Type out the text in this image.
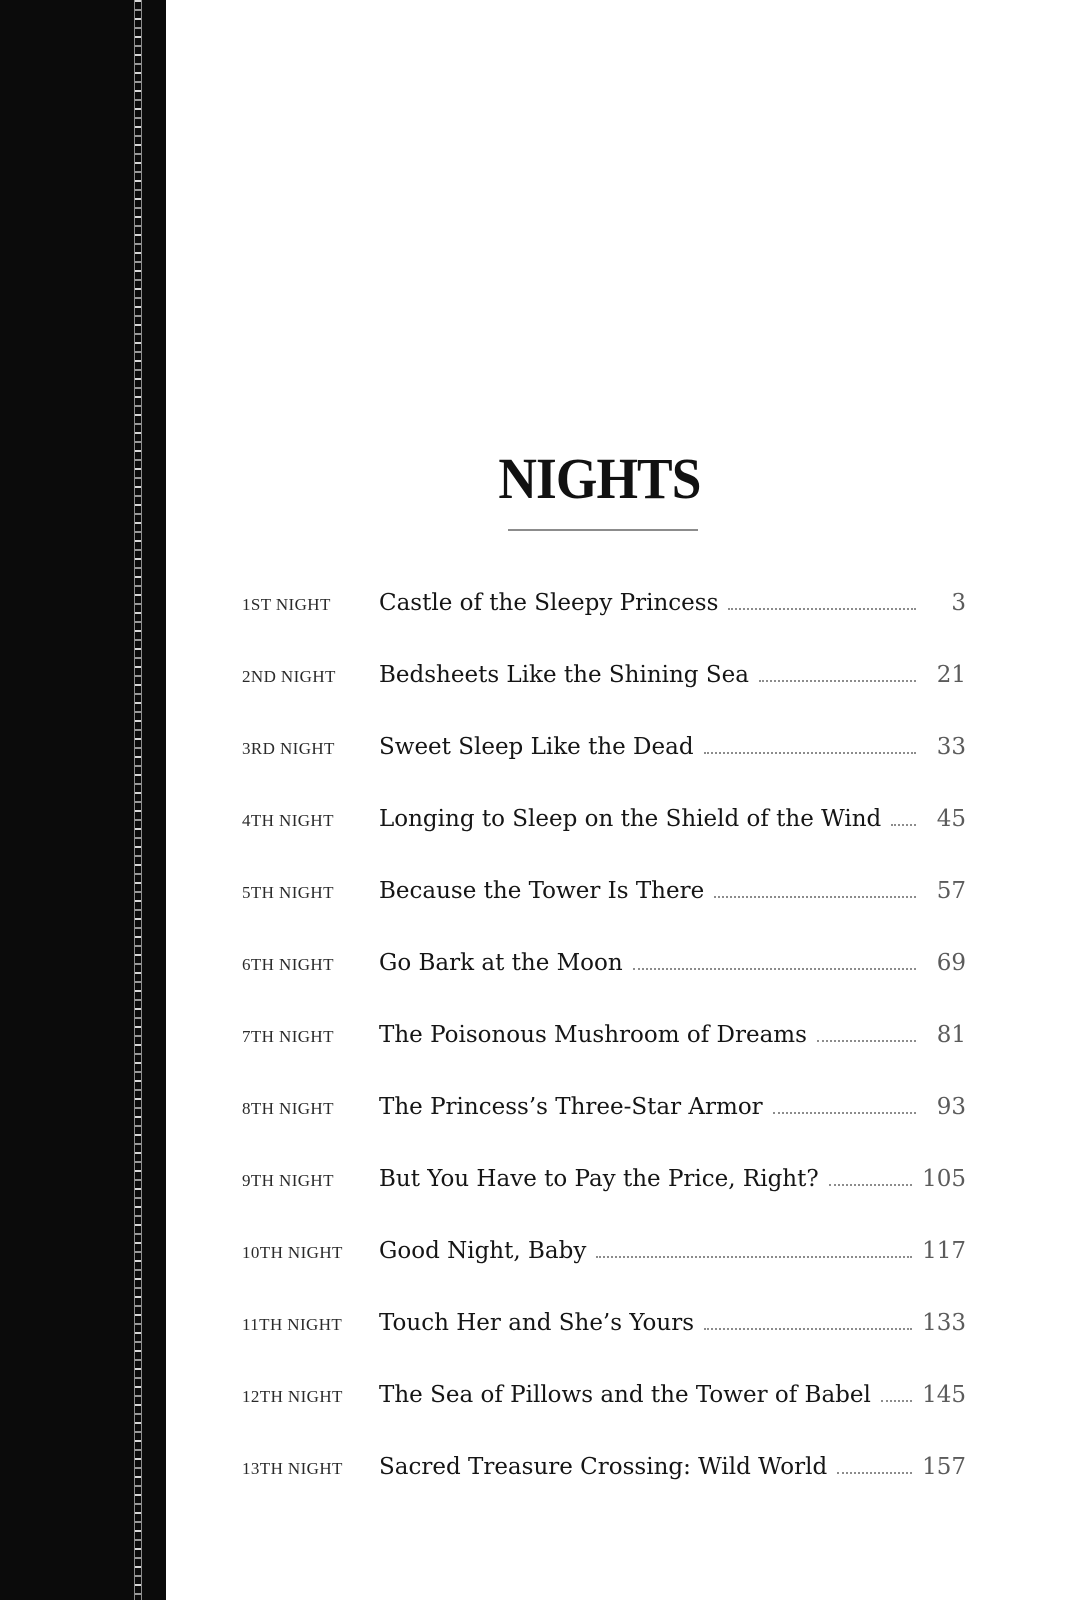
NIGHTS
1ST NIGHT	Castle of the Sleepy Princess	3
2ND NIGHT	Bedsheets Like the Shining Sea	21
3RD NIGHT	Sweet Sleep Like the Dead	33
4TH NIGHT	Longing to Sleep on the Shield of the Wind	45
5TH NIGHT	Because the Tower Is There	57
6TH NIGHT	Go Bark at the Moon	69
7TH NIGHT	The Poisonous Mushroom of Dreams	81
8TH NIGHT	The Princess’s Three-Star Armor	93
9TH NIGHT	But You Have to Pay the Price, Right?	105
10TH NIGHT	Good Night, Baby	117
11TH NIGHT	Touch Her and She’s Yours	133
12TH NIGHT	The Sea of Pillows and the Tower of Babel 145
13TH NIGHT	Sacred Treasure Crossing: Wild World	157
